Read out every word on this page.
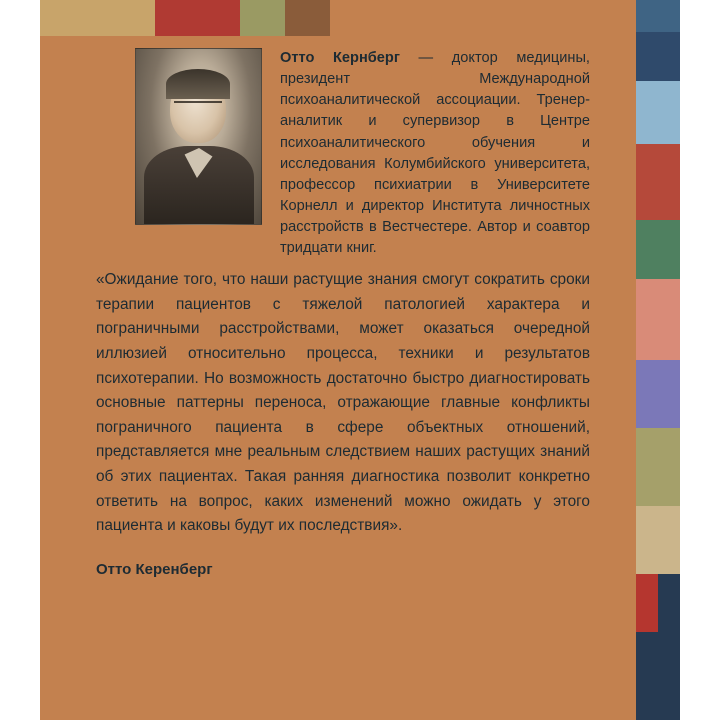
Отто Кернберг — доктор медицины, президент Международной психоаналитической ассоциации. Тренер-аналитик и супервизор в Центре психоаналитического обучения и исследования Колумбийского университета, профессор психиатрии в Университете Корнелл и директор Института личностных расстройств в Вестчестере. Автор и соавтор тридцати книг.
«Ожидание того, что наши растущие знания смогут сократить сроки терапии пациентов с тяжелой патологией характера и пограничными расстройствами, может оказаться очередной иллюзией относительно процесса, техники и результатов психотерапии. Но возможность достаточно быстро диагностировать основные паттерны переноса, отражающие главные конфликты пограничного пациента в сфере объектных отношений, представляется мне реальным следствием наших растущих знаний об этих пациентах. Такая ранняя диагностика позволит конкретно ответить на вопрос, каких изменений можно ожидать у этого пациента и каковы будут их последствия».
Отто Керенберг
